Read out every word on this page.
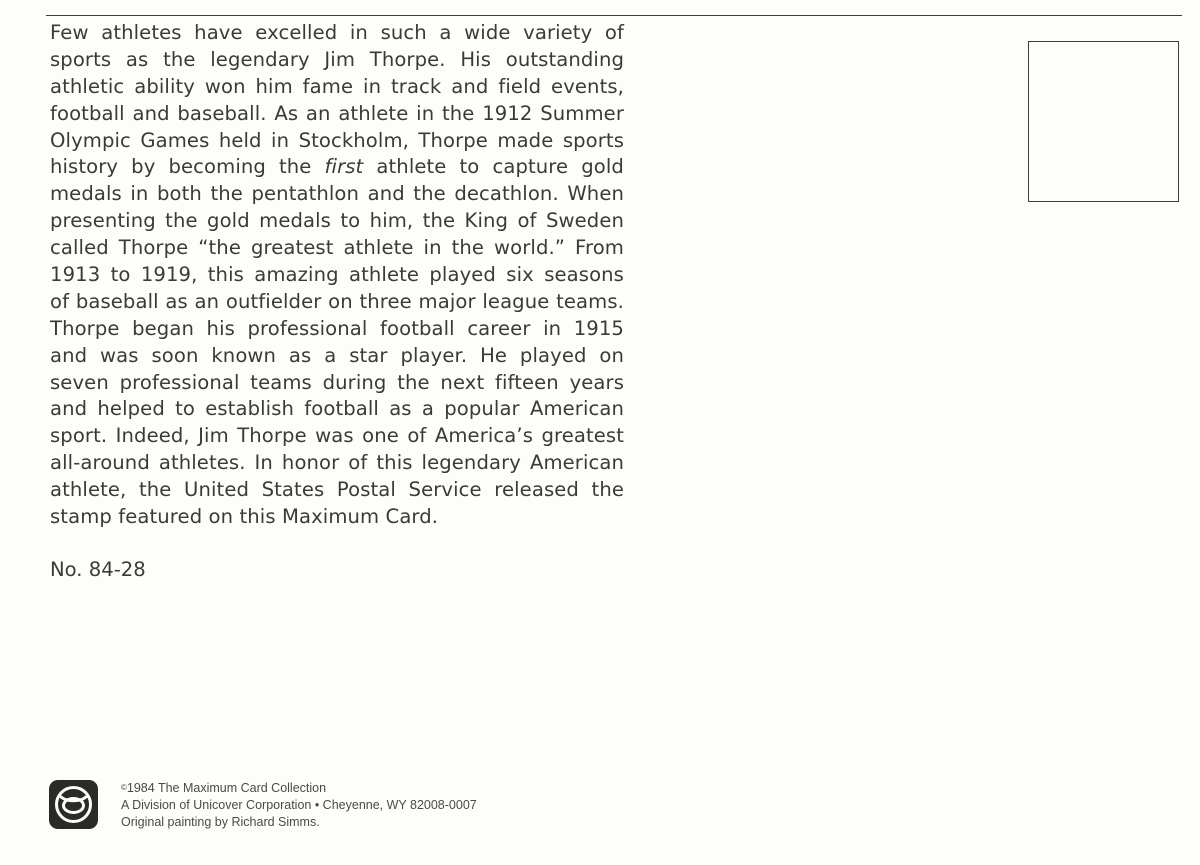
Few athletes have excelled in such a wide variety of
sports as the legendary Jim Thorpe. His outstanding
athletic ability won him fame in track and field events,
football and baseball. As an athlete in the 1912 Summer
Olympic Games held in Stockholm, Thorpe made sports
history by becoming the first athlete to capture gold
medals in both the pentathlon and the decathlon. When
presenting the gold medals to him, the King of Sweden
called Thorpe “the greatest athlete in the world.” From
1913 to 1919, this amazing athlete played six seasons
of baseball as an outfielder on three major league teams.
Thorpe began his professional football career in 1915
and was soon known as a star player. He played on
seven professional teams during the next fifteen years
and helped to establish football as a popular American
sport. Indeed, Jim Thorpe was one of America’s greatest
all-around athletes. In honor of this legendary American
athlete, the United States Postal Service released the
stamp featured on this Maximum Card.
No. 84-28
©1984 The Maximum Card Collection
A Division of Unicover Corporation • Cheyenne, WY 82008-0007
Original painting by Richard Simms.
